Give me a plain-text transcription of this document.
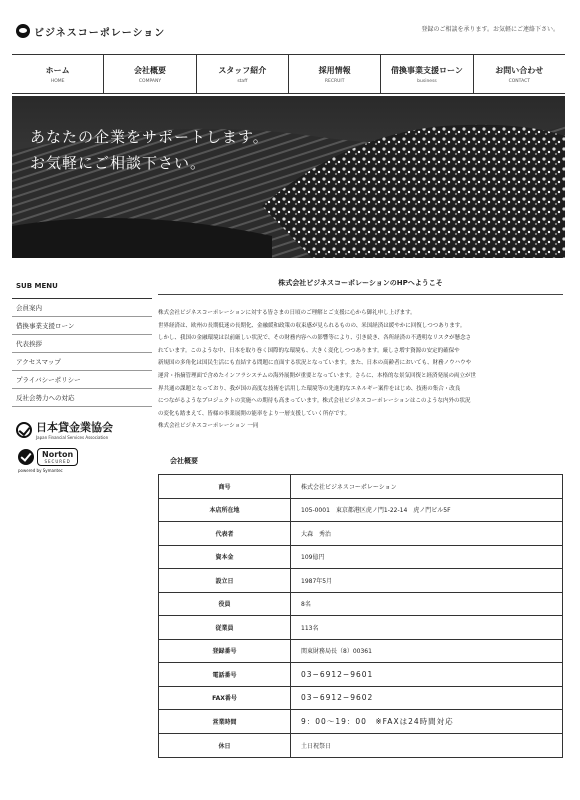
ビジネスコーポレーション	登録のご相談を承ります。お気軽にご連絡下さい。
ホーム
HOME
会社概要
COMPANY
スタッフ紹介
staff
採用情報
RECRUIT
借換事業支援ローン
business
お問い合わせ
CONTACT
あなたの企業をサポートします。
お気軽にご相談下さい。
SUB MENU
会員案内
借換事業支援ローン
代表挨拶
アクセスマップ
プライバシーポリシー
反社会勢力への対応
日本貸金業協会
Japan Financial Services Association
Norton
SECURED
powered by Symantec
株式会社ビジネスコーポレーションのHPへようこそ

株式会社ビジネスコーポレーションに対する皆さまの日頃のご理解とご支援に心から御礼申し上げます。

世界経済は、欧州の長期低迷の長期化、金融緩和政策の収束感が見られるものの、米国経済は緩やかに回復しつつあります。

しかし、我国の金融環境は以前厳しい状況で、その財務内容への影響等により、引き続き、各所経済の不透明なリスクが懸念さ

れています。このような中、日本を取り巻く国際的な環境も、大きく変化しつつあります。厳しさ増す資源の安定的確保や

新規国の多角化は国民生活にも直結する問題に直面する状況となっています。また、日本の高齢者においても、財務ノウハウや

運営・指摘管理面で含めたインフラシステムの海外展開が重要となっています。さらに、本格的な景気回復と経済発展の両立が世

界共通の課題となっており、我が国の高度な技術を活用した環境等の先進的なエネルギー案件をはじめ、技術の集合・改良

につながるようなプロジェクトの実施への期待も高まっています。株式会社ビジネスコーポレーションはこのような内外の状況

の変化も踏まえて、皆様の事業展開の能率をより一層支援していく所存です。

株式会社ビジネスコーポレーション 一同
会社概要
商号	株式会社ビジネスコーポレーション
本店所在地	105-0001　東京都港区虎ノ門1-22-14　虎ノ門ビル5F
代表者	大森　秀治
資本金	109億円
設立日	1987年5月
役員	8名
従業員	113名
登録番号	関東財務局長（8）00361
電話番号	03−6912−9601
FAX番号	03−6912−9602
営業時間	9：00〜19：00　※FAXは24時間対応
休日	土日祝祭日
